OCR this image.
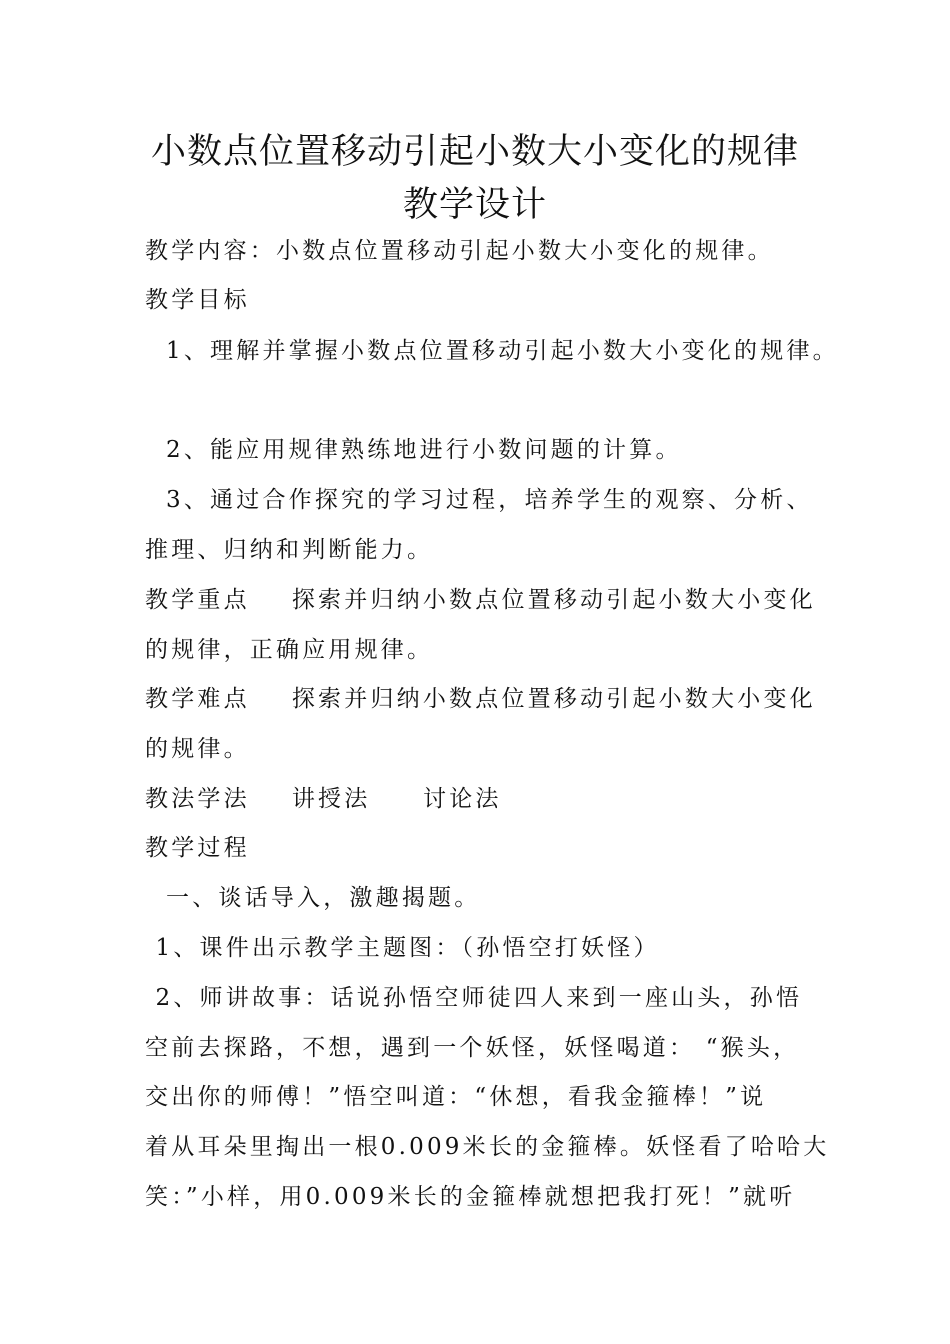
小数点位置移动引起小数大小变化的规律
教学设计
教学内容：小数点位置移动引起小数大小变化的规律。
教学目标
1、理解并掌握小数点位置移动引起小数大小变化的规律。
2、能应用规律熟练地进行小数问题的计算。
3、通过合作探究的学习过程，培养学生的观察、分析、
推理、归纳和判断能力。
教学重点    探索并归纳小数点位置移动引起小数大小变化
的规律，正确应用规律。
教学难点    探索并归纳小数点位置移动引起小数大小变化
的规律。
教法学法    讲授法     讨论法
教学过程
一、谈话导入，激趣揭题。
1、课件出示教学主题图：（孙悟空打妖怪）
2、师讲故事：话说孙悟空师徒四人来到一座山头，孙悟
空前去探路，不想，遇到一个妖怪，妖怪喝道： “猴头，
交出你的师傅！”悟空叫道：“休想，看我金箍棒！”说
着从耳朵里掏出一根0.009米长的金箍棒。妖怪看了哈哈大
笑：”小样，用0.009米长的金箍棒就想把我打死！”就听
